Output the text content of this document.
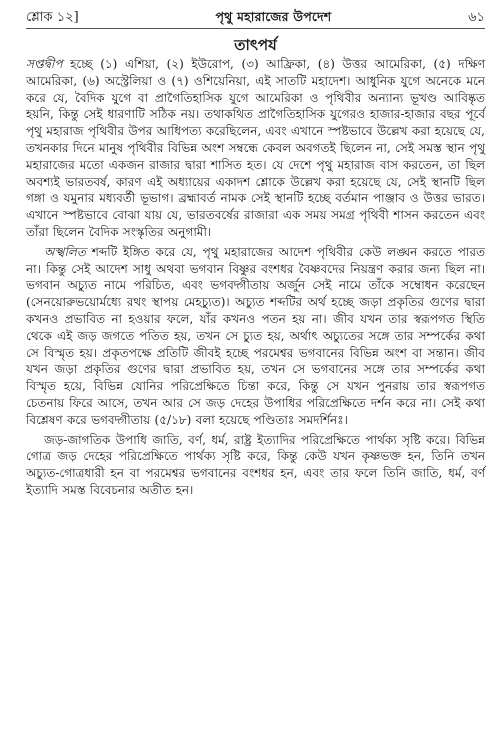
শ্লোক ১২]	পৃথু মহারাজের উপদেশ	৬১
তাৎপর্য

সপ্তদ্বীপ হচ্ছে (১) এশিয়া, (২) ইউরোপ, (৩) আফ্রিকা, (৪) উত্তর আমেরিকা, (৫) দক্ষিণ আমেরিকা, (৬) অস্ট্রেলিয়া ও (৭) ওশিয়েনিয়া, এই সাতটি মহাদেশ। আধুনিক যুগে অনেকে মনে করে যে, বৈদিক যুগে বা প্রাগৈতিহাসিক যুগে আমেরিকা ও পৃথিবীর অন্যান্য ভূখণ্ড আবিষ্কৃত হয়নি, কিন্তু সেই ধারণাটি সঠিক নয়। তথাকথিত প্রাগৈতিহাসিক যুগেরও হাজার-হাজার বছর পূর্বে পৃথু মহারাজ পৃথিবীর উপর আধিপত্য করেছিলেন, এবং এখানে স্পষ্টভাবে উল্লেখ করা হয়েছে যে, তখনকার দিনে মানুষ পৃথিবীর বিভিন্ন অংশ সম্বন্ধে কেবল অবগতই ছিলেন না, সেই সমস্ত স্থান পৃথু মহারাজের মতো একজন রাজার দ্বারা শাসিত হত। যে দেশে পৃথু মহারাজ বাস করতেন, তা ছিল অবশ্যই ভারতবর্ষ, কারণ এই অধ্যায়ের একাদশ শ্লোকে উল্লেখ করা হয়েছে যে, সেই স্থানটি ছিল গঙ্গা ও যমুনার মধ্যবর্তী ভূভাগ। ব্রহ্মাবর্ত নামক সেই স্থানটি হচ্ছে বর্তমান পাঞ্জাব ও উত্তর ভারত। এখানে স্পষ্টভাবে বোঝা যায় যে, ভারতবর্ষের রাজারা এক সময় সমগ্র পৃথিবী শাসন করতেন এবং তাঁরা ছিলেন বৈদিক সংস্কৃতির অনুগামী।

অস্খলিত শব্দটি ইঙ্গিত করে যে, পৃথু মহারাজের আদেশ পৃথিবীর কেউ লঙ্ঘন করতে পারত না। কিন্তু সেই আদেশ সাধু অথবা ভগবান বিষ্ণুর বংশধর বৈষ্ণবদের নিয়ন্ত্রণ করার জন্য ছিল না। ভগবান অচ্যুত নামে পরিচিত, এবং ভগবদ্গীতায় অর্জুন সেই নামে তাঁকে সম্বোধন করেছেন (সেনয়োরুভয়োর্মধ্যে রথং স্থাপয় মেহচ্যুত)। অচ্যুত শব্দটির অর্থ হচ্ছে জড়া প্রকৃতির গুণের দ্বারা কখনও প্রভাবিত না হওয়ার ফলে, যাঁর কখনও পতন হয় না। জীব যখন তার স্বরূপগত স্থিতি থেকে এই জড় জগতে পতিত হয়, তখন সে চ্যুত হয়, অর্থাৎ অচ্যুতের সঙ্গে তার সম্পর্কের কথা সে বিস্মৃত হয়। প্রকৃতপক্ষে প্রতিটি জীবই হচ্ছে পরমেশ্বর ভগবানের বিভিন্ন অংশ বা সন্তান। জীব যখন জড়া প্রকৃতির গুণের দ্বারা প্রভাবিত হয়, তখন সে ভগবানের সঙ্গে তার সম্পর্কের কথা বিস্মৃত হয়ে, বিভিন্ন যোনির পরিপ্রেক্ষিতে চিন্তা করে, কিন্তু সে যখন পুনরায় তার স্বরূপগত চেতনায় ফিরে আসে, তখন আর সে জড় দেহের উপাধির পরিপ্রেক্ষিতে দর্শন করে না। সেই কথা বিশ্লেষণ করে ভগবদ্গীতায় (৫/১৮) বলা হয়েছে পণ্ডিতাঃ সমদর্শিনঃ।

জড়-জাগতিক উপাধি জাতি, বর্ণ, ধর্ম, রাষ্ট্র ইত্যাদির পরিপ্রেক্ষিতে পার্থক্য সৃষ্টি করে। বিভিন্ন গোত্র জড় দেহের পরিপ্রেক্ষিতে পার্থক্য সৃষ্টি করে, কিন্তু কেউ যখন কৃষ্ণভক্ত হন, তিনি তখন অচ্যুত-গোত্রধারী হন বা পরমেশ্বর ভগবানের বংশধর হন, এবং তার ফলে তিনি জাতি, ধর্ম, বর্ণ ইত্যাদি সমস্ত বিবেচনার অতীত হন।
